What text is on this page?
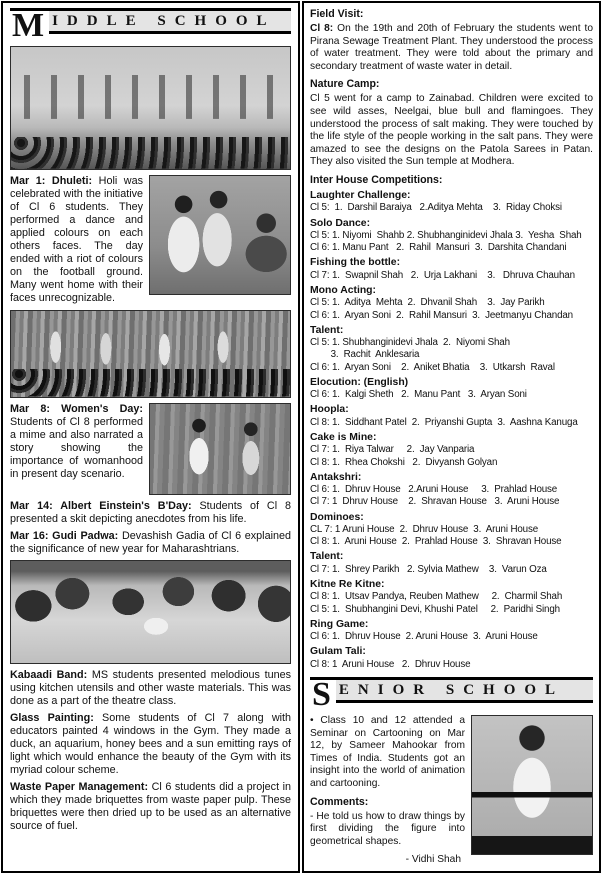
M IDDLE SCHOOL

Mar 1: Dhuleti: Holi was celebrated with the initiative of Cl 6 students. They performed a dance and applied colours on each others faces. The day ended with a riot of colours on the football ground. Many went home with their faces unrecognizable.

Mar 8: Women's Day: Students of Cl 8 performed a mime and also narrated a story showing the importance of womanhood in present day scenario.

Mar 14: Albert Einstein's B'Day: Students of Cl 8 presented a skit depicting anecdotes from his life.

Mar 16: Gudi Padwa: Devashish Gadia of Cl 6 explained the significance of new year for Maharashtrians.

Kabaadi Band: MS students presented melodious tunes using kitchen utensils and other waste materials. This was done as a part of the theatre class.

Glass Painting: Some students of Cl 7 along with educators painted 4 windows in the Gym. They made a duck, an aquarium, honey bees and a sun emitting rays of light which would enhance the beauty of the Gym with its myriad colour scheme.

Waste Paper Management: Cl 6 students did a project in which they made briquettes from waste paper pulp. These briquettes were then dried up to be used as an alternative source of fuel.

Field Visit:

Cl 8: On the 19th and 20th of February the students went to Pirana Sewage Treatment Plant. They understood the process of water treatment. They were told about the primary and secondary treatment of waste water in detail.

Nature Camp:

Cl 5 went for a camp to Zainabad. Children were excited to see wild asses, Neelgai, blue bull and flamingoes. They understood the process of salt making. They were touched by the life style of the people working in the salt pans. They were amazed to see the designs on the Patola Sarees in Patan. They also visited the Sun temple at Modhera.

Inter House Competitions:

Laughter Challenge:

Cl 5:  1.  Darshil Baraiya   2.Aditya Mehta    3.  Riday Choksi

Solo Dance:

Cl 5: 1. Niyomi  Shahb 2. Shubhanginidevi Jhala 3.  Yesha  Shah

Cl 6: 1. Manu Pant   2.  Rahil  Mansuri  3.  Darshita Chandani

Fishing the bottle:

Cl 7: 1.  Swapnil Shah   2.  Urja Lakhani    3.   Dhruva Chauhan

Mono Acting:

Cl 5: 1.  Aditya  Mehta  2.  Dhvanil Shah    3.  Jay Parikh

Cl 6: 1.  Aryan Soni  2.  Rahil Mansuri  3.  Jeetmanyu Chandan

Talent:

Cl 5: 1. Shubhanginidevi Jhala  2.  Niyomi Shah

3.  Rachit  Anklesaria

Cl 6: 1.  Aryan Soni    2.  Aniket Bhatia    3.  Utkarsh  Raval

Elocution: (English)

Cl 6: 1.  Kalgi Sheth   2.  Manu Pant   3.  Aryan Soni

Hoopla:

Cl 8: 1.  Siddhant Patel  2.  Priyanshi Gupta  3.  Aashna Kanuga

Cake is Mine:

Cl 7: 1.  Riya Talwar     2.  Jay Vanparia

Cl 8: 1.  Rhea Chokshi   2.  Divyansh Golyan

Antakshri:

Cl 6: 1.  Dhruv House   2.Aruni House     3.  Prahlad House

Cl 7: 1  Dhruv House    2.  Shravan House   3.  Aruni House

Dominoes:

CL 7: 1 Aruni House  2.  Dhruv House  3.  Aruni House

Cl 8: 1.  Aruni House  2.  Prahlad House  3.  Shravan House

Talent:

Cl 7: 1.  Shrey Parikh   2. Sylvia Mathew    3.  Varun Oza

Kitne Re Kitne:

Cl 8: 1.  Utsav Pandya, Reuben Mathew     2.  Charmil Shah

Cl 5: 1.  Shubhangini Devi, Khushi Patel     2.  Paridhi Singh

Ring Game:

Cl 6: 1.  Dhruv House  2. Aruni House  3.  Aruni House

Gulam Tali:

Cl 8: 1  Aruni House   2.  Dhruv House

S ENIOR SCHOOL

• Class 10 and 12 attended a Seminar on Cartooning on Mar 12, by Sameer Mahookar from Times of India. Students got an insight into the world of animation and cartooning.

Comments:

- He told us how to draw things by first dividing the figure into geometrical shapes.

- Vidhi Shah
